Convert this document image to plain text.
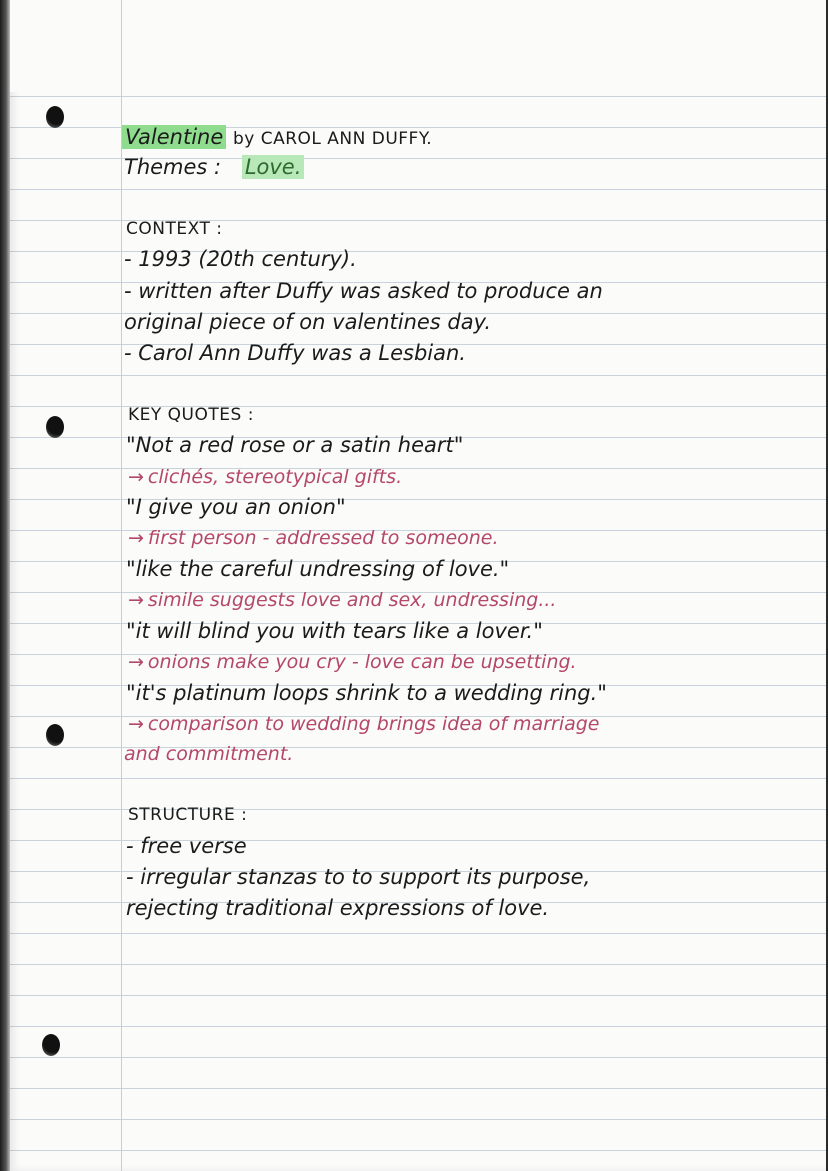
Valentine by CAROL ANN DUFFY.

Themes : Love.

CONTEXT :

- 1993 (20th century).

- written after Duffy was asked to produce an

original piece of on valentines day.

- Carol Ann Duffy was a Lesbian.

KEY QUOTES :

"Not a red rose or a satin heart"

→ clichés, stereotypical gifts.

"I give you an onion"

→ first person - addressed to someone.

"like the careful undressing of love."

→ simile suggests love and sex, undressing...

"it will blind you with tears like a lover."

→ onions make you cry - love can be upsetting.

"it's platinum loops shrink to a wedding ring."

→ comparison to wedding brings idea of marriage

and commitment.

STRUCTURE :

- free verse

- irregular stanzas to to support its purpose,

rejecting traditional expressions of love.
